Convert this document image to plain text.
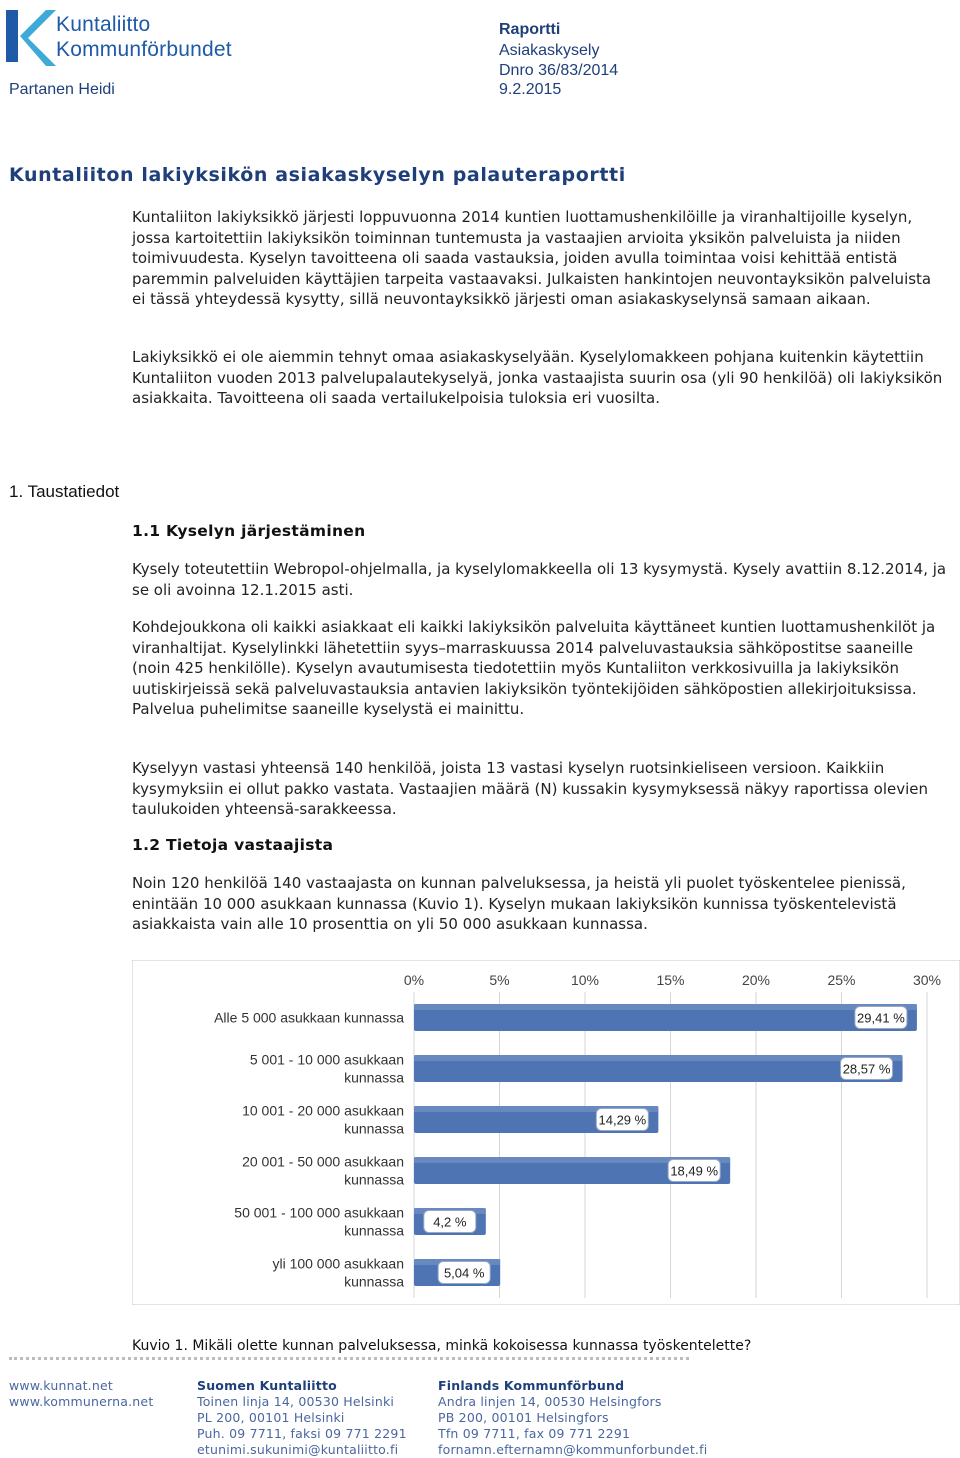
Kuntaliitto
Kommunförbundet
Raportti
Asiakaskysely
Dnro 36/83/2014
Partanen Heidi	9.2.2015
Kuntaliiton lakiyksikön asiakaskyselyn palauteraportti
Kuntaliiton lakiyksikkö järjesti loppuvuonna 2014 kuntien luottamushenkilöille ja viranhaltijoille kyselyn, jossa kartoitettiin lakiyksikön toiminnan tuntemusta ja vastaajien arvioita yksikön palveluista ja niiden toimivuudesta. Kyselyn tavoitteena oli saada vastauksia, joiden avulla toimintaa voisi kehittää entistä paremmin palveluiden käyttäjien tarpeita vastaavaksi. Julkaisten hankintojen neuvontayksikön palveluista ei tässä yhteydessä kysytty, sillä neuvontayksikkö järjesti oman asiakaskyselynsä samaan aikaan.
Lakiyksikkö ei ole aiemmin tehnyt omaa asiakaskyselyään. Kyselylomakkeen pohjana kuitenkin käytettiin Kuntaliiton vuoden 2013 palvelupalautekyselyä, jonka vastaajista suurin osa (yli 90 henkilöä) oli lakiyksikön asiakkaita. Tavoitteena oli saada vertailukelpoisia tuloksia eri vuosilta.
1. Taustatiedot
1.1 Kyselyn järjestäminen
Kysely toteutettiin Webropol-ohjelmalla, ja kyselylomakkeella oli 13 kysymystä. Kysely avattiin 8.12.2014, ja se oli avoinna 12.1.2015 asti.
Kohdejoukkona oli kaikki asiakkaat eli kaikki lakiyksikön palveluita käyttäneet kuntien luottamushenkilöt ja viranhaltijat. Kyselylinkki lähetettiin syys–marraskuussa 2014 palveluvastauksia sähköpostitse saaneille (noin 425 henkilölle). Kyselyn avautumisesta tiedotettiin myös Kuntaliiton verkkosivuilla ja lakiyksikön uutiskirjeissä sekä palveluvastauksia antavien lakiyksikön työntekijöiden sähköpostien allekirjoituksissa. Palvelua puhelimitse saaneille kyselystä ei mainittu.
Kyselyyn vastasi yhteensä 140 henkilöä, joista 13 vastasi kyselyn ruotsinkieliseen versioon. Kaikkiin kysymyksiin ei ollut pakko vastata. Vastaajien määrä (N) kussakin kysymyksessä näkyy raportissa olevien taulukoiden yhteensä-sarakkeessa.
1.2 Tietoja vastaajista
Noin 120 henkilöä 140 vastaajasta on kunnan palveluksessa, ja heistä yli puolet työskentelee pienissä, enintään 10 000 asukkaan kunnassa (Kuvio 1). Kyselyn mukaan lakiyksikön kunnissa työskentelevistä asiakkaista vain alle 10 prosenttia on yli 50 000 asukkaan kunnassa.
0%	5%	10%	15%	20%	25%	30%
Alle 5 000 asukkaan kunnassa
5 001 - 10 000 asukkaan kunnassa
10 001 - 20 000 asukkaan kunnassa
20 001 - 50 000 asukkaan kunnassa
50 001 - 100 000 asukkaan kunnassa
yli 100 000 asukkaan kunnassa
29,41 %
28,57 %
14,29 %
18,49 %
4,2 %
5,04 %
Kuvio 1. Mikäli olette kunnan palveluksessa, minkä kokoisessa kunnassa työskentelette?
www.kunnat.net
www.kommunerna.net
Suomen Kuntaliitto
Toinen linja 14, 00530 Helsinki
PL 200, 00101 Helsinki
Puh. 09 7711, faksi 09 771 2291
etunimi.sukunimi@kuntaliitto.fi
Finlands Kommunförbund
Andra linjen 14, 00530 Helsingfors
PB 200, 00101 Helsingfors
Tfn 09 7711, fax 09 771 2291
fornamn.efternamn@kommunforbundet.fi
